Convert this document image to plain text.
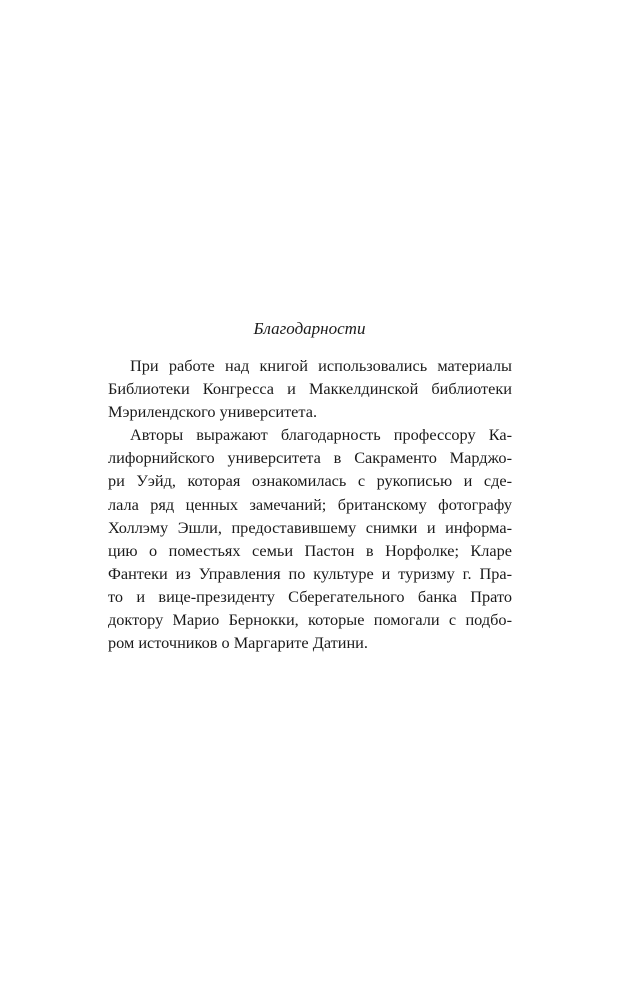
Благодарности
При работе над книгой использовались материалы
Библиотеки Конгресса и Маккелдинской библиотеки
Мэрилендского университета.
Авторы выражают благодарность профессору Ка-
лифорнийского университета в Сакраменто Марджо-
ри Уэйд, которая ознакомилась с рукописью и сде-
лала ряд ценных замечаний; британскому фотографу
Холлэму Эшли, предоставившему снимки и информа-
цию о поместьях семьи Пастон в Норфолке; Кларе
Фантеки из Управления по культуре и туризму г. Пра-
то и вице-президенту Сберегательного банка Прато
доктору Марио Бернокки, которые помогали с подбо-
ром источников о Маргарите Датини.
